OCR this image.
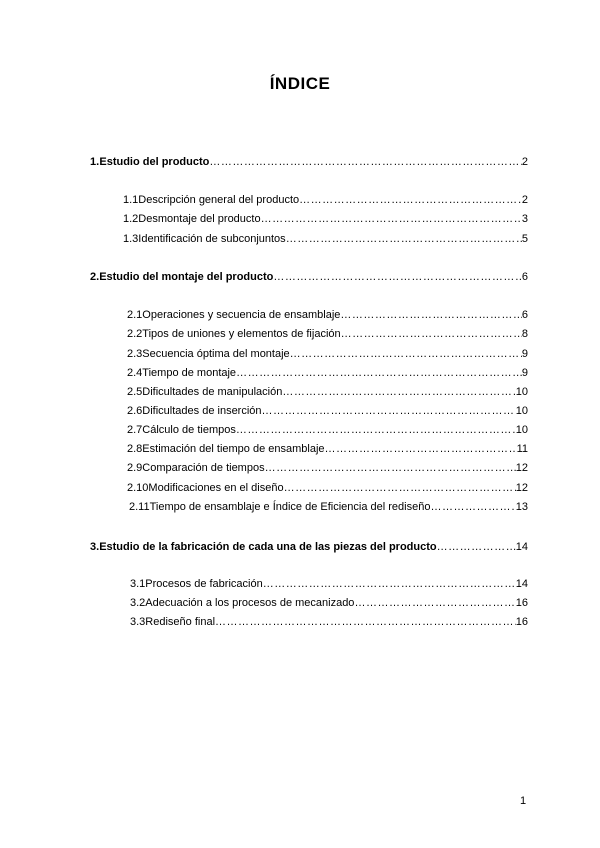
ÍNDICE
1. Estudio del producto …………………………………………………………………………………………………………………………………………………………	2
1.1 Descripción general del producto …………………………………………………………………………………………………………………………………………………………	2
1.2 Desmontaje del producto …………………………………………………………………………………………………………………………………………………………	3
1.3 Identificación de subconjuntos …………………………………………………………………………………………………………………………………………………………	5
2. Estudio del montaje del producto …………………………………………………………………………………………………………………………………………………………	6
2.1 Operaciones y secuencia de ensamblaje …………………………………………………………………………………………………………………………………………………………	6
2.2 Tipos de uniones y elementos de fijación …………………………………………………………………………………………………………………………………………………………	8
2.3 Secuencia óptima del montaje …………………………………………………………………………………………………………………………………………………………	9
2.4 Tiempo de montaje …………………………………………………………………………………………………………………………………………………………	9
2.5 Dificultades de manipulación …………………………………………………………………………………………………………………………………………………………	10
2.6 Dificultades de inserción …………………………………………………………………………………………………………………………………………………………	10
2.7 Cálculo de tiempos …………………………………………………………………………………………………………………………………………………………	10
2.8 Estimación del tiempo de ensamblaje …………………………………………………………………………………………………………………………………………………………	11
2.9 Comparación de tiempos …………………………………………………………………………………………………………………………………………………………	12
2.10 Modificaciones en el diseño …………………………………………………………………………………………………………………………………………………………	12
2.11 Tiempo de ensamblaje e Índice de Eficiencia del rediseño …………………………………………………………………………………………………………………………………………………………	13
3. Estudio de la fabricación de cada una de las piezas del producto …………………………………………………………………………………………………………………………………………………………	14
3.1 Procesos de fabricación …………………………………………………………………………………………………………………………………………………………	14
3.2 Adecuación a los procesos de mecanizado …………………………………………………………………………………………………………………………………………………………	16
3.3 Rediseño final …………………………………………………………………………………………………………………………………………………………	16
1
